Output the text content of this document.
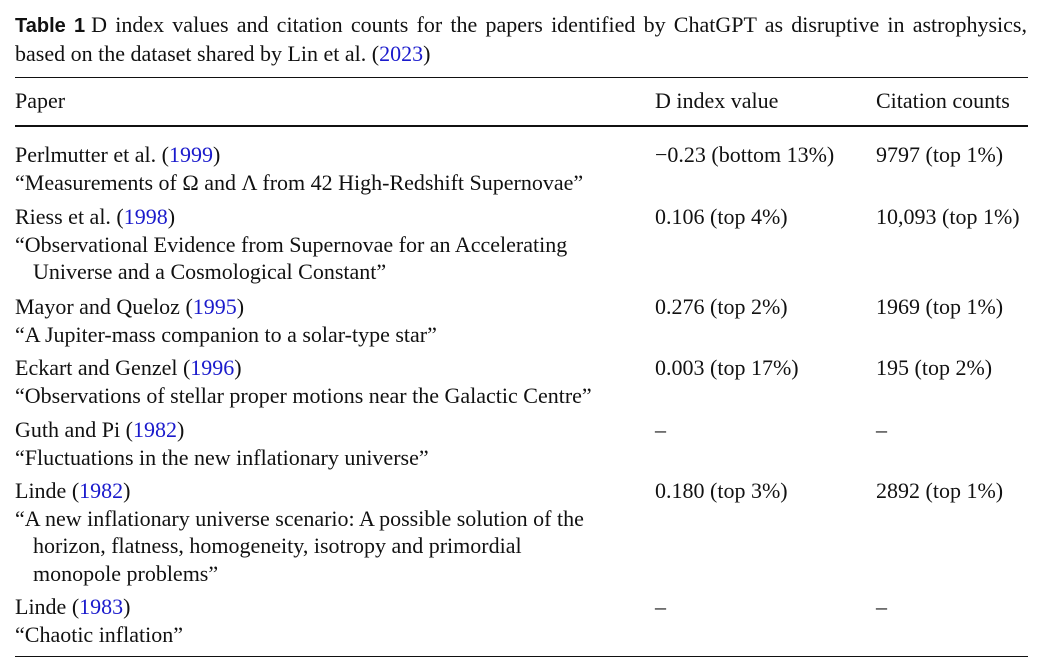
Table 1 D index values and citation counts for the papers identified by ChatGPT as disruptive in astrophysics, based on the dataset shared by Lin et al. (2023)
Paper	D index value	Citation counts
Perlmutter et al. (1999)
“Measurements of Ω and Λ from 42 High-Redshift Supernovae”
−0.23 (bottom 13%) 9797 (top 1%)
Riess et al. (1998)
“Observational Evidence from Supernovae for an Accelerating Universe and a Cosmological Constant”
0.106 (top 4%)	10,093 (top 1%)
Mayor and Queloz (1995)
“A Jupiter-mass companion to a solar-type star”
0.276 (top 2%)	1969 (top 1%)
Eckart and Genzel (1996)
“Observations of stellar proper motions near the Galactic Centre”
0.003 (top 17%)	195 (top 2%)
Guth and Pi (1982)
“Fluctuations in the new inflationary universe”
–	–
Linde (1982)
“A new inflationary universe scenario: A possible solution of the horizon, flatness, homogeneity, isotropy and primordial monopole problems”
0.180 (top 3%)	2892 (top 1%)
Linde (1983)
“Chaotic inflation”
–	–
